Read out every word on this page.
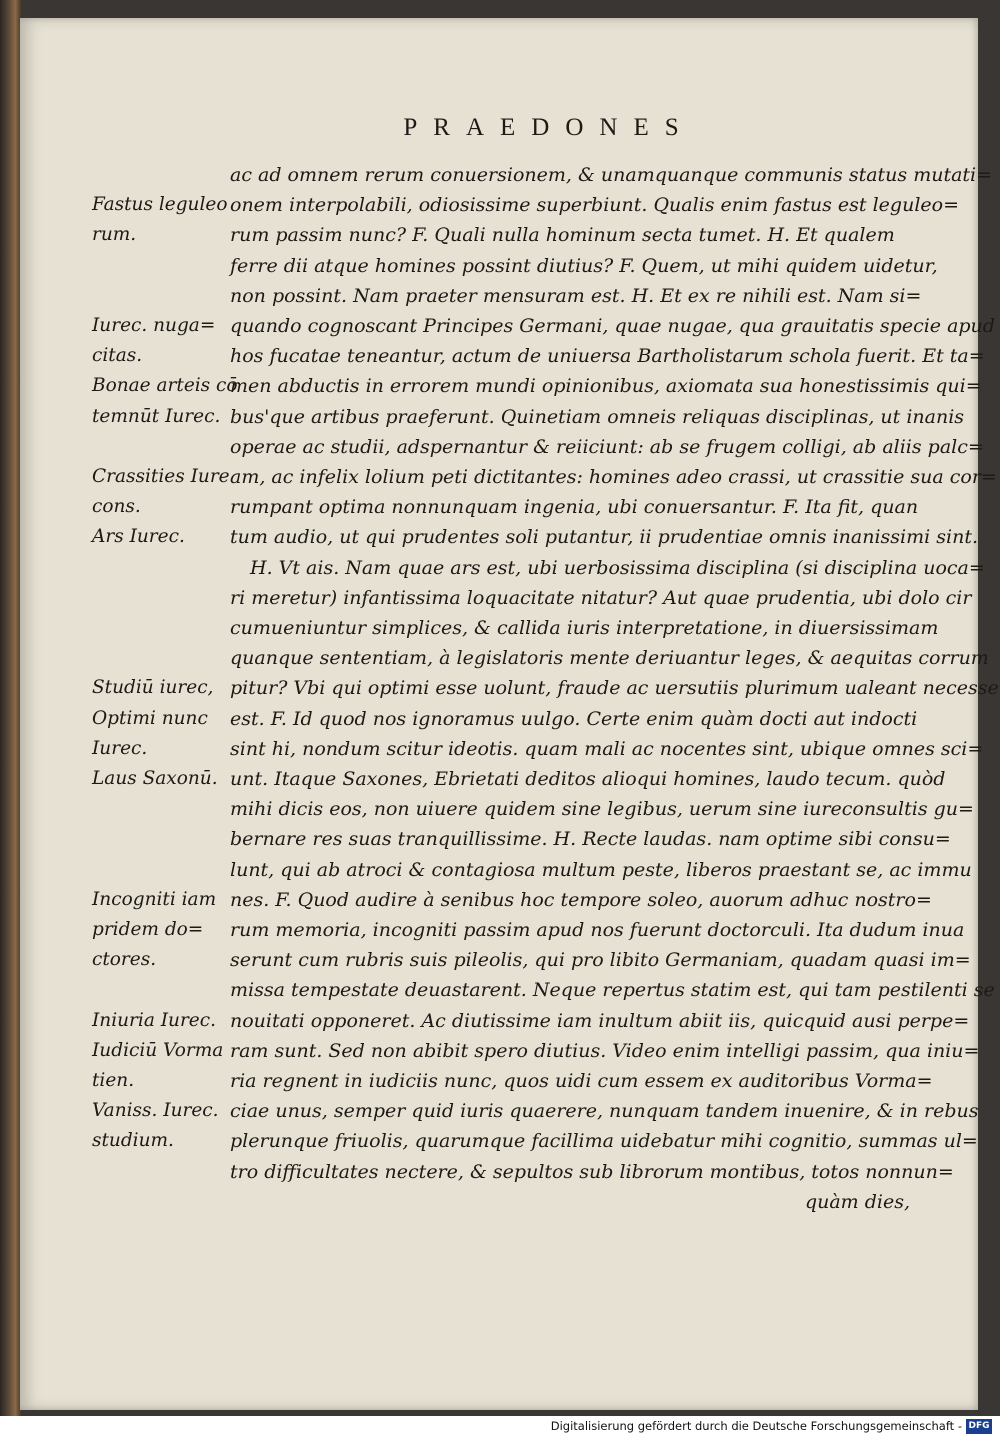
PRAEDONES
ac ad omnem rerum conuersionem, & unamquanque communis status mutati=
onem interpolabili, odiosissime superbiunt. Qualis enim fastus est leguleo=
rum passim nunc? F. Quali nulla hominum secta tumet. H. Et qualem
ferre dii atque homines possint diutius? F. Quem, ut mihi quidem uidetur,
non possint. Nam praeter mensuram est. H. Et ex re nihili est. Nam si=
quando cognoscant Principes Germani, quae nugae, qua grauitatis specie apud
hos fucatae teneantur, actum de uniuersa Bartholistarum schola fuerit. Et ta=
men abductis in errorem mundi opinionibus, axiomata sua honestissimis qui=
bus'que artibus praeferunt. Quinetiam omneis reliquas disciplinas, ut inanis
operae ac studii, adspernantur & reiiciunt: ab se frugem colligi, ab aliis palc=
am, ac infelix lolium peti dictitantes: homines adeo crassi, ut crassitie sua cor=
rumpant optima nonnunquam ingenia, ubi conuersantur. F. Ita fit, quan
tum audio, ut qui prudentes soli putantur, ii prudentiae omnis inanissimi sint.
H. Vt ais. Nam quae ars est, ubi uerbosissima disciplina (si disciplina uoca=
ri meretur) infantissima loquacitate nitatur? Aut quae prudentia, ubi dolo cir
cumueniuntur simplices, & callida iuris interpretatione, in diuersissimam
quanque sententiam, à legislatoris mente deriuantur leges, & aequitas corrum
pitur? Vbi qui optimi esse uolunt, fraude ac uersutiis plurimum ualeant necesse
est. F. Id quod nos ignoramus uulgo. Certe enim quàm docti aut indocti
sint hi, nondum scitur ideotis. quam mali ac nocentes sint, ubique omnes sci=
unt. Itaque Saxones, Ebrietati deditos alioqui homines, laudo tecum. quòd
mihi dicis eos, non uiuere quidem sine legibus, uerum sine iureconsultis gu=
bernare res suas tranquillissime. H. Recte laudas. nam optime sibi consu=
lunt, qui ab atroci & contagiosa multum peste, liberos praestant se, ac immu
nes. F. Quod audire à senibus hoc tempore soleo, auorum adhuc nostro=
rum memoria, incogniti passim apud nos fuerunt doctorculi. Ita dudum inua
serunt cum rubris suis pileolis, qui pro libito Germaniam, quadam quasi im=
missa tempestate deuastarent. Neque repertus statim est, qui tam pestilenti se
nouitati opponeret. Ac diutissime iam inultum abiit iis, quicquid ausi perpe=
ram sunt. Sed non abibit spero diutius. Video enim intelligi passim, qua iniu=
ria regnent in iudiciis nunc, quos uidi cum essem ex auditoribus Vorma=
ciae unus, semper quid iuris quaerere, nunquam tandem inuenire, & in rebus
plerunque friuolis, quarumque facillima uidebatur mihi cognitio, summas ul=
tro difficultates nectere, & sepultos sub librorum montibus, totos nonnun=
quàm dies,
Fastus leguleo
rum.
Iurec. nuga=
citas.
Bonae arteis cō
temnūt Iurec.
Crassities Iure
cons.
Ars Iurec.
Studiū iurec,
Optimi nunc
Iurec.
Laus Saxonū.
Incogniti iam
pridem do=
ctores.
Iniuria Iurec.
Iudiciū Vorma
tien.
Vaniss. Iurec.
studium.
Digitalisierung gefördert durch die Deutsche Forschungsgemeinschaft - DFG
